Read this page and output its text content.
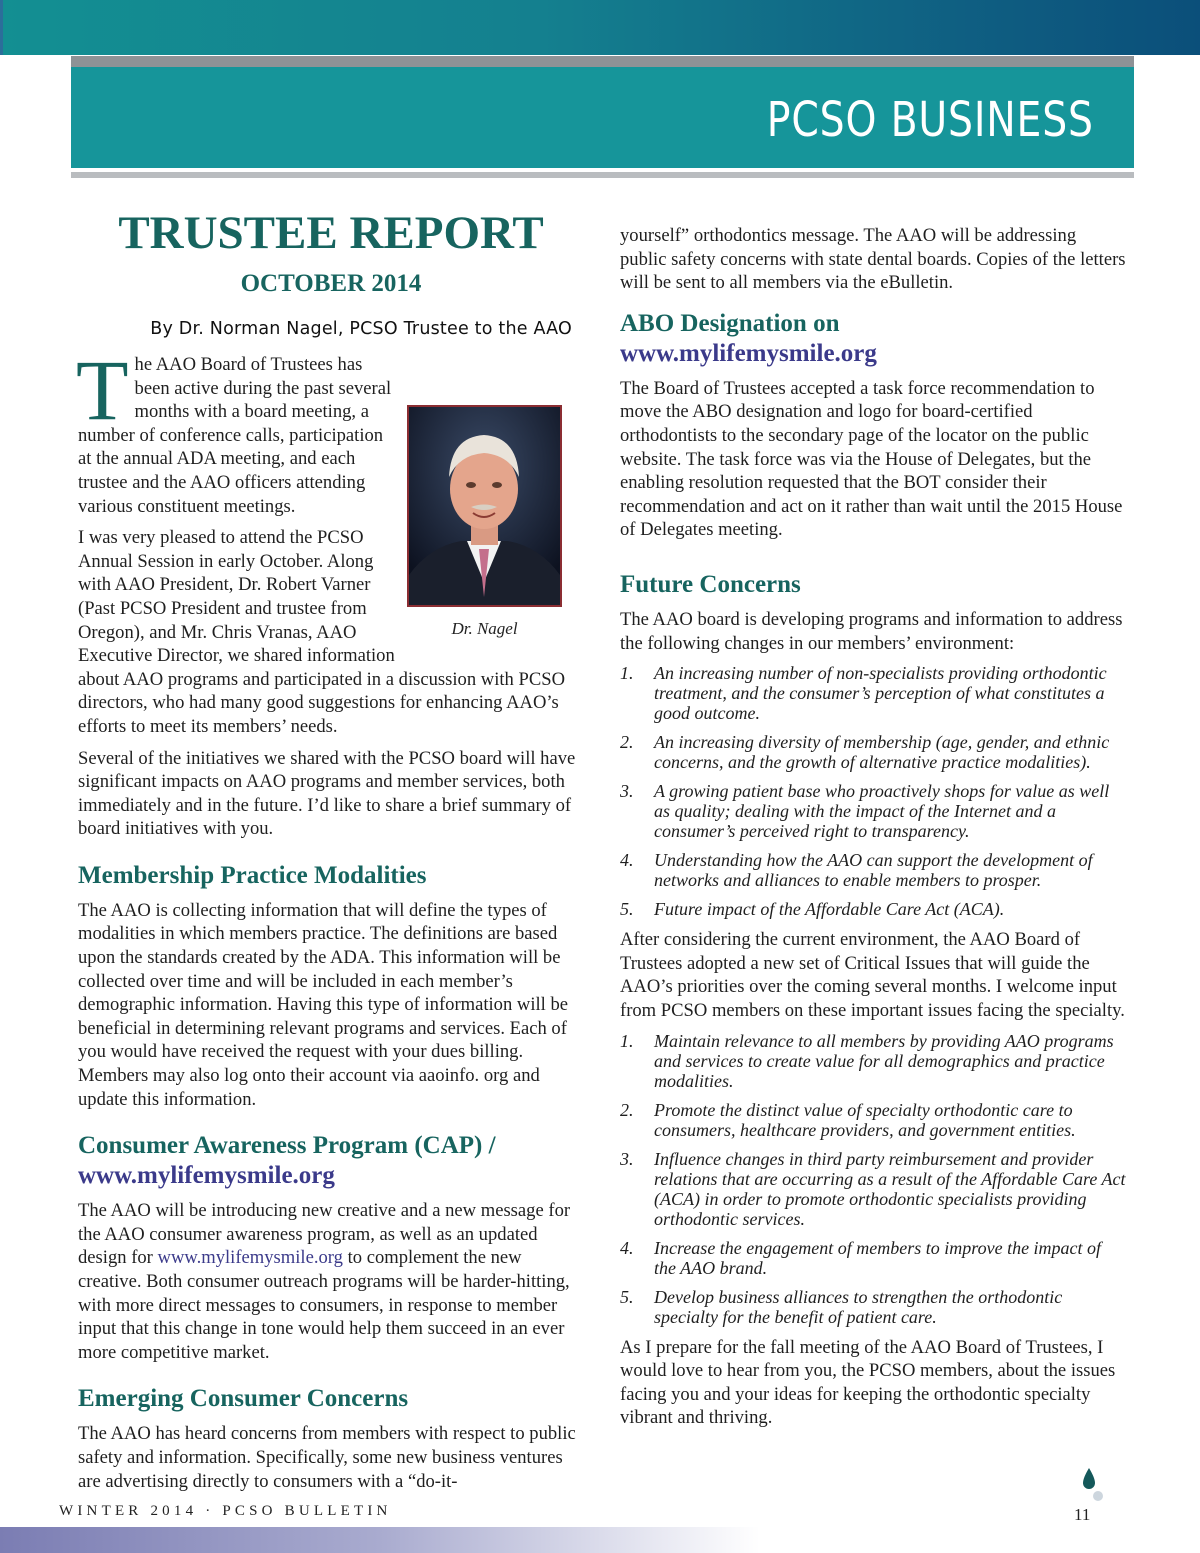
PCSO BUSINESS
TRUSTEE REPORT
OCTOBER 2014
By Dr. Norman Nagel, PCSO Trustee to the AAO
T
Dr. Nagel

he AAO Board of Trustees has been active during the past several months with a board meeting, a number of conference calls, participation at the annual ADA meeting, and each trustee and the AAO officers attending various constituent meetings.

I was very pleased to attend the PCSO Annual Session in early October. Along with AAO President, Dr. Robert Varner (Past PCSO President and trustee from Oregon), and Mr. Chris Vranas, AAO Executive Director, we shared information about AAO programs and participated in a discussion with PCSO directors, who had many good suggestions for enhancing AAO’s efforts to meet its members’ needs.

Several of the initiatives we shared with the PCSO board will have significant impacts on AAO programs and member services, both immediately and in the future. I’d like to share a brief summary of board initiatives with you.

Membership Practice Modalities

The AAO is collecting information that will define the types of modalities in which members practice. The definitions are based upon the standards created by the ADA. This information will be collected over time and will be included in each member’s demographic information. Having this type of information will be beneficial in determining relevant programs and services. Each of you would have received the request with your dues billing. Members may also log onto their account via aaoinfo. org and update this information.

Consumer Awareness Program (CAP) /
www.mylifemysmile.org

The AAO will be introducing new creative and a new message for the AAO consumer awareness program, as well as an updated design for www.mylifemysmile.org to complement the new creative. Both consumer outreach programs will be harder-hitting, with more direct messages to consumers, in response to member input that this change in tone would help them succeed in an ever more competitive market.

Emerging Consumer Concerns

The AAO has heard concerns from members with respect to public safety and information. Specifically, some new business ventures are advertising directly to consumers with a “do-it-

yourself” orthodontics message. The AAO will be addressing public safety concerns with state dental boards. Copies of the letters will be sent to all members via the eBulletin.

ABO Designation on
www.mylifemysmile.org

The Board of Trustees accepted a task force recommendation to move the ABO designation and logo for board-certified orthodontists to the secondary page of the locator on the public website. The task force was via the House of Delegates, but the enabling resolution requested that the BOT consider their recommendation and act on it rather than wait until the 2015 House of Delegates meeting.

Future Concerns

The AAO board is developing programs and information to address the following changes in our members’ environment:

1. An increasing number of non-specialists providing orthodontic treatment, and the consumer’s perception of what constitutes a good outcome.
2. An increasing diversity of membership (age, gender, and ethnic concerns, and the growth of alternative practice modalities).
3. A growing patient base who proactively shops for value as well as quality; dealing with the impact of the Internet and a consumer’s perceived right to transparency.
4. Understanding how the AAO can support the development of networks and alliances to enable members to prosper.
5. Future impact of the Affordable Care Act (ACA).

After considering the current environment, the AAO Board of Trustees adopted a new set of Critical Issues that will guide the AAO’s priorities over the coming several months. I welcome input from PCSO members on these important issues facing the specialty.

1. Maintain relevance to all members by providing AAO programs and services to create value for all demographics and practice modalities.
2. Promote the distinct value of specialty orthodontic care to consumers, healthcare providers, and government entities.
3. Influence changes in third party reimbursement and provider relations that are occurring as a result of the Affordable Care Act (ACA) in order to promote orthodontic specialists providing orthodontic services.
4. Increase the engagement of members to improve the impact of the AAO brand.
5. Develop business alliances to strengthen the orthodontic specialty for the benefit of patient care.

As I prepare for the fall meeting of the AAO Board of Trustees, I would love to hear from you, the PCSO members, about the issues facing you and your ideas for keeping the orthodontic specialty vibrant and thriving.

WINTER 2014 · PCSO BULLETIN	11
